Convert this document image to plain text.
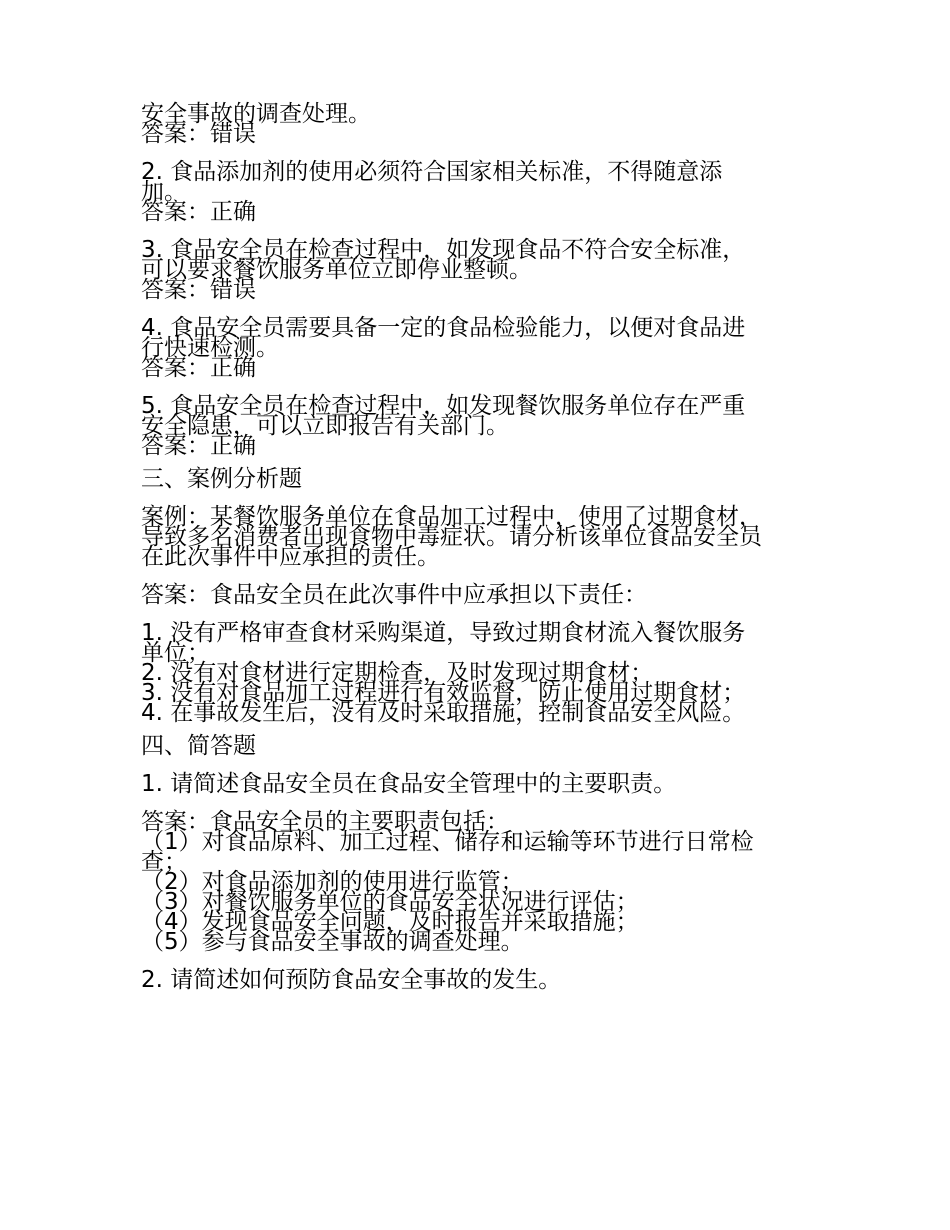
安全事故的调查处理。
答案：错误
2. 食品添加剂的使用必须符合国家相关标准，不得随意添
加。
答案：正确
3. 食品安全员在检查过程中，如发现食品不符合安全标准，
可以要求餐饮服务单位立即停业整顿。
答案：错误
4. 食品安全员需要具备一定的食品检验能力，以便对食品进
行快速检测。
答案：正确
5. 食品安全员在检查过程中，如发现餐饮服务单位存在严重
安全隐患，可以立即报告有关部门。
答案：正确
三、案例分析题
案例：某餐饮服务单位在食品加工过程中，使用了过期食材，
导致多名消费者出现食物中毒症状。请分析该单位食品安全员
在此次事件中应承担的责任。
答案：食品安全员在此次事件中应承担以下责任：
1. 没有严格审查食材采购渠道，导致过期食材流入餐饮服务
单位；
2. 没有对食材进行定期检查，及时发现过期食材；
3. 没有对食品加工过程进行有效监督，防止使用过期食材；
4. 在事故发生后，没有及时采取措施，控制食品安全风险。
四、简答题
1. 请简述食品安全员在食品安全管理中的主要职责。
答案：食品安全员的主要职责包括：
（1）对食品原料、加工过程、储存和运输等环节进行日常检
查；
（2）对食品添加剂的使用进行监管；
（3）对餐饮服务单位的食品安全状况进行评估；
（4）发现食品安全问题，及时报告并采取措施；
（5）参与食品安全事故的调查处理。
2. 请简述如何预防食品安全事故的发生。
